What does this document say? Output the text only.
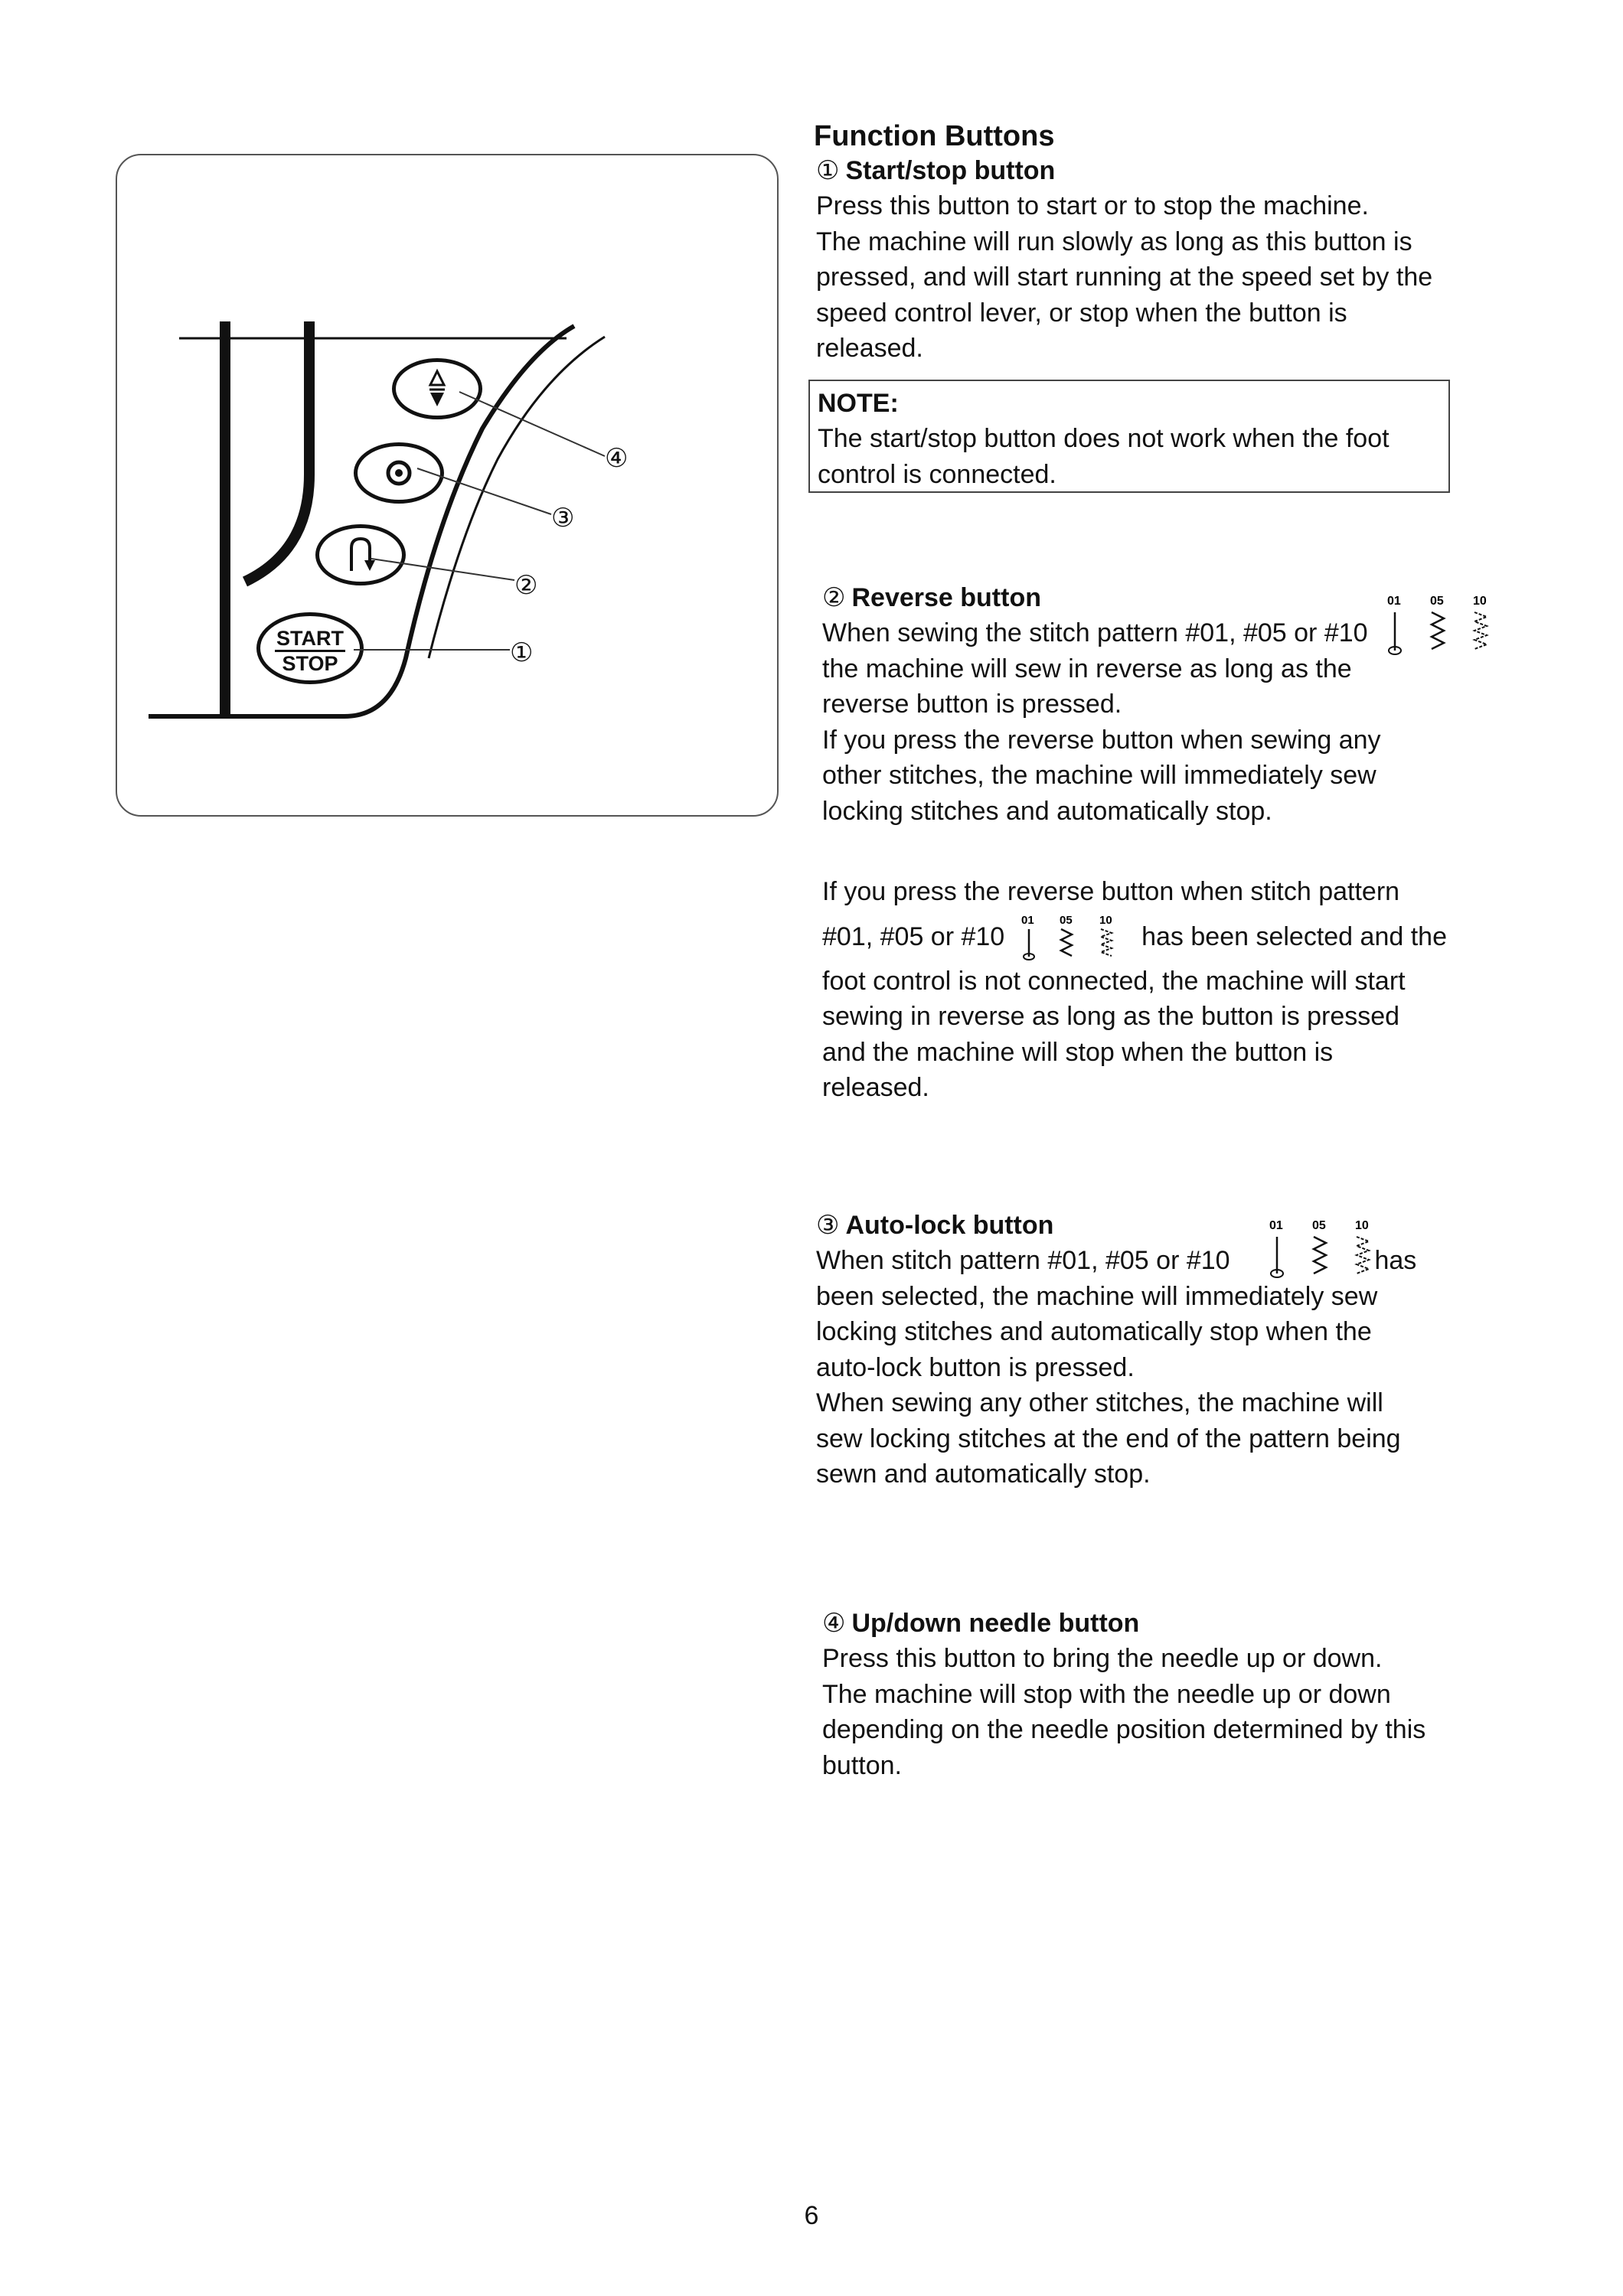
START
STOP
④
③
②
①
Function Buttons

① Start/stop button

Press this button to start or to stop the machine.

The machine will run slowly as long as this button is

pressed, and will start running at the speed set by the

speed control lever, or stop when the button is

released.

NOTE:

The start/stop button does not work when the foot

control is connected.

② Reverse button

When sewing the stitch pattern #01, #05 or #10

the machine will sew in reverse as long as the

reverse button is pressed.

If you press the reverse button when sewing any

other stitches, the machine will immediately sew

locking stitches and automatically stop.

01 05 10

If you press the reverse button when stitch pattern

#01, #05 or #10
01 05 10
has been selected and the

foot control is not connected, the machine will start

sewing in reverse as long as the button is pressed

and the machine will stop when the button is

released.

③ Auto-lock button

When stitch pattern #01, #05 or #10	has

been selected, the machine will immediately sew

locking stitches and automatically stop when the

auto-lock button is pressed.

When sewing any other stitches, the machine will

sew locking stitches at the end of the pattern being

sewn and automatically stop.

01 05 10

④ Up/down needle button

Press this button to bring the needle up or down.

The machine will stop with the needle up or down

depending on the needle position determined by this

button.

6
